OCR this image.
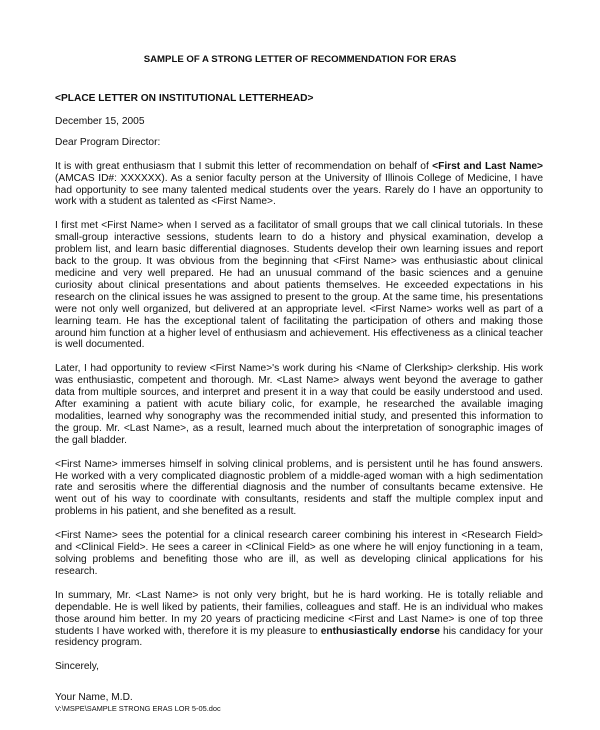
SAMPLE OF A STRONG LETTER OF RECOMMENDATION FOR ERAS

<PLACE LETTER ON INSTITUTIONAL LETTERHEAD>

December 15, 2005

Dear Program Director:

It is with great enthusiasm that I submit this letter of recommendation on behalf of <First and Last Name> (AMCAS ID#: XXXXXX). As a senior faculty person at the University of Illinois College of Medicine, I have had opportunity to see many talented medical students over the years. Rarely do I have an opportunity to work with a student as talented as <First Name>.

I first met <First Name> when I served as a facilitator of small groups that we call clinical tutorials. In these small-group interactive sessions, students learn to do a history and physical examination, develop a problem list, and learn basic differential diagnoses. Students develop their own learning issues and report back to the group. It was obvious from the beginning that <First Name> was enthusiastic about clinical medicine and very well prepared. He had an unusual command of the basic sciences and a genuine curiosity about clinical presentations and about patients themselves. He exceeded expectations in his research on the clinical issues he was assigned to present to the group. At the same time, his presentations were not only well organized, but delivered at an appropriate level. <First Name> works well as part of a learning team. He has the exceptional talent of facilitating the participation of others and making those around him function at a higher level of enthusiasm and achievement. His effectiveness as a clinical teacher is well documented.

Later, I had opportunity to review <First Name>'s work during his <Name of Clerkship> clerkship. His work was enthusiastic, competent and thorough. Mr. <Last Name> always went beyond the average to gather data from multiple sources, and interpret and present it in a way that could be easily understood and used. After examining a patient with acute biliary colic, for example, he researched the available imaging modalities, learned why sonography was the recommended initial study, and presented this information to the group. Mr. <Last Name>, as a result, learned much about the interpretation of sonographic images of the gall bladder.

<First Name> immerses himself in solving clinical problems, and is persistent until he has found answers. He worked with a very complicated diagnostic problem of a middle-aged woman with a high sedimentation rate and serositis where the differential diagnosis and the number of consultants became extensive. He went out of his way to coordinate with consultants, residents and staff the multiple complex input and problems in his patient, and she benefited as a result.

<First Name> sees the potential for a clinical research career combining his interest in <Research Field> and <Clinical Field>. He sees a career in <Clinical Field> as one where he will enjoy functioning in a team, solving problems and benefiting those who are ill, as well as developing clinical applications for his research.

In summary, Mr. <Last Name> is not only very bright, but he is hard working. He is totally reliable and dependable. He is well liked by patients, their families, colleagues and staff. He is an individual who makes those around him better. In my 20 years of practicing medicine <First and Last Name> is one of top three students I have worked with, therefore it is my pleasure to enthusiastically endorse his candidacy for your residency program.

Sincerely,

Your Name, M.D.

V:\MSPE\SAMPLE STRONG ERAS LOR 5-05.doc
